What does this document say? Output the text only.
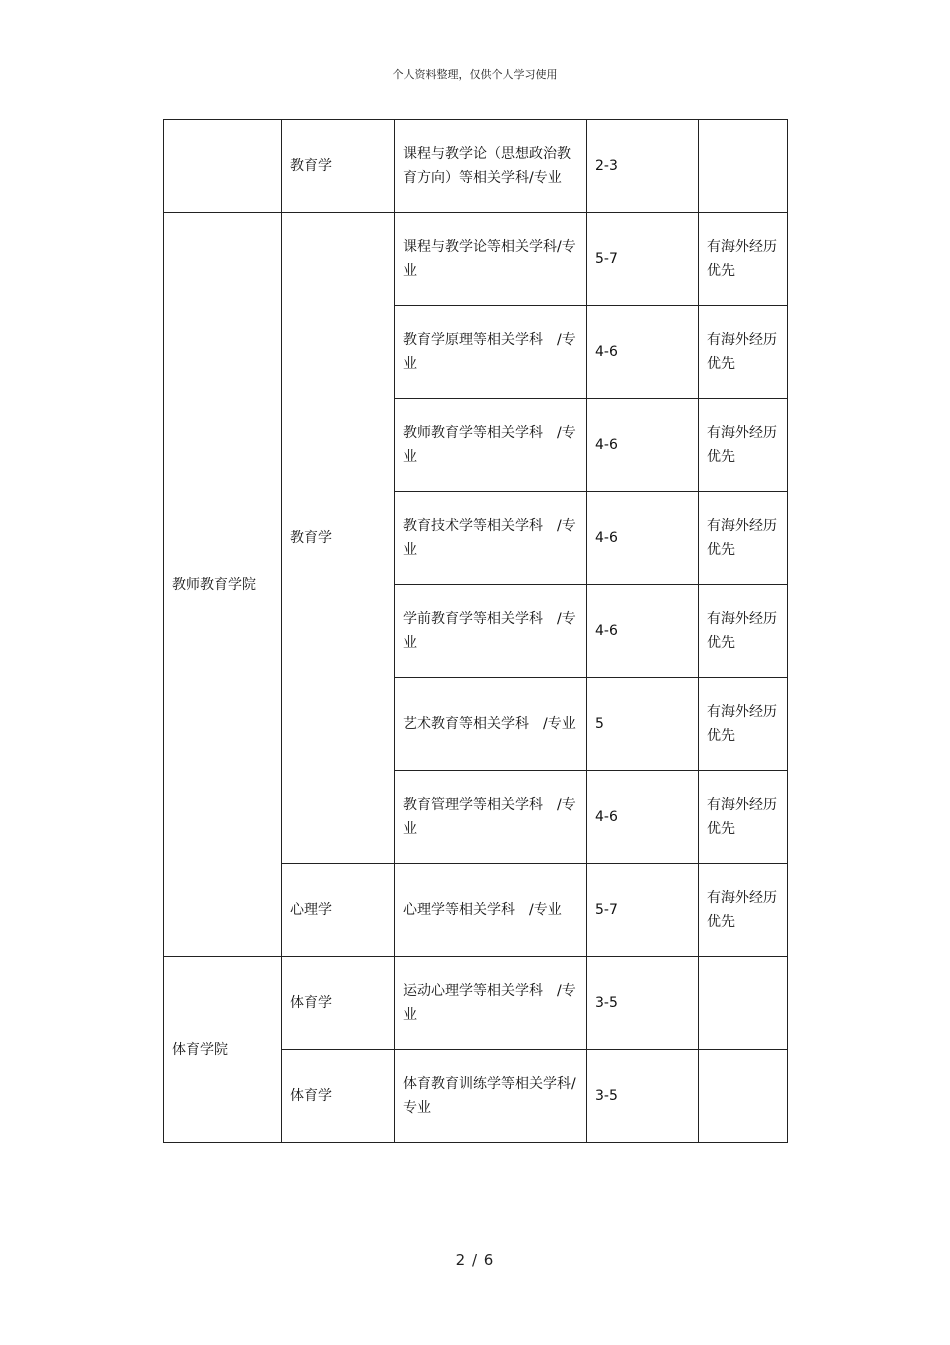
个人资料整理，仅供个人学习使用
	教育学	课程与教学论（思想政治教育方向）等相关学科/专业	2-3	
教师教育学院	教育学	课程与教学论等相关学科/专业	5-7	有海外经历优先
		教育学原理等相关学科　/专业	4-6	有海外经历优先
		教师教育学等相关学科　/专业	4-6	有海外经历优先
		教育技术学等相关学科　/专业	4-6	有海外经历优先
		学前教育学等相关学科　/专业	4-6	有海外经历优先
		艺术教育等相关学科　/专业	5	有海外经历优先
		教育管理学等相关学科　/专业	4-6	有海外经历优先
	心理学	心理学等相关学科　/专业	5-7	有海外经历优先
体育学院	体育学	运动心理学等相关学科　/专业	3-5	
	体育学	体育教育训练学等相关学科/专业	3-5	
2 / 6
